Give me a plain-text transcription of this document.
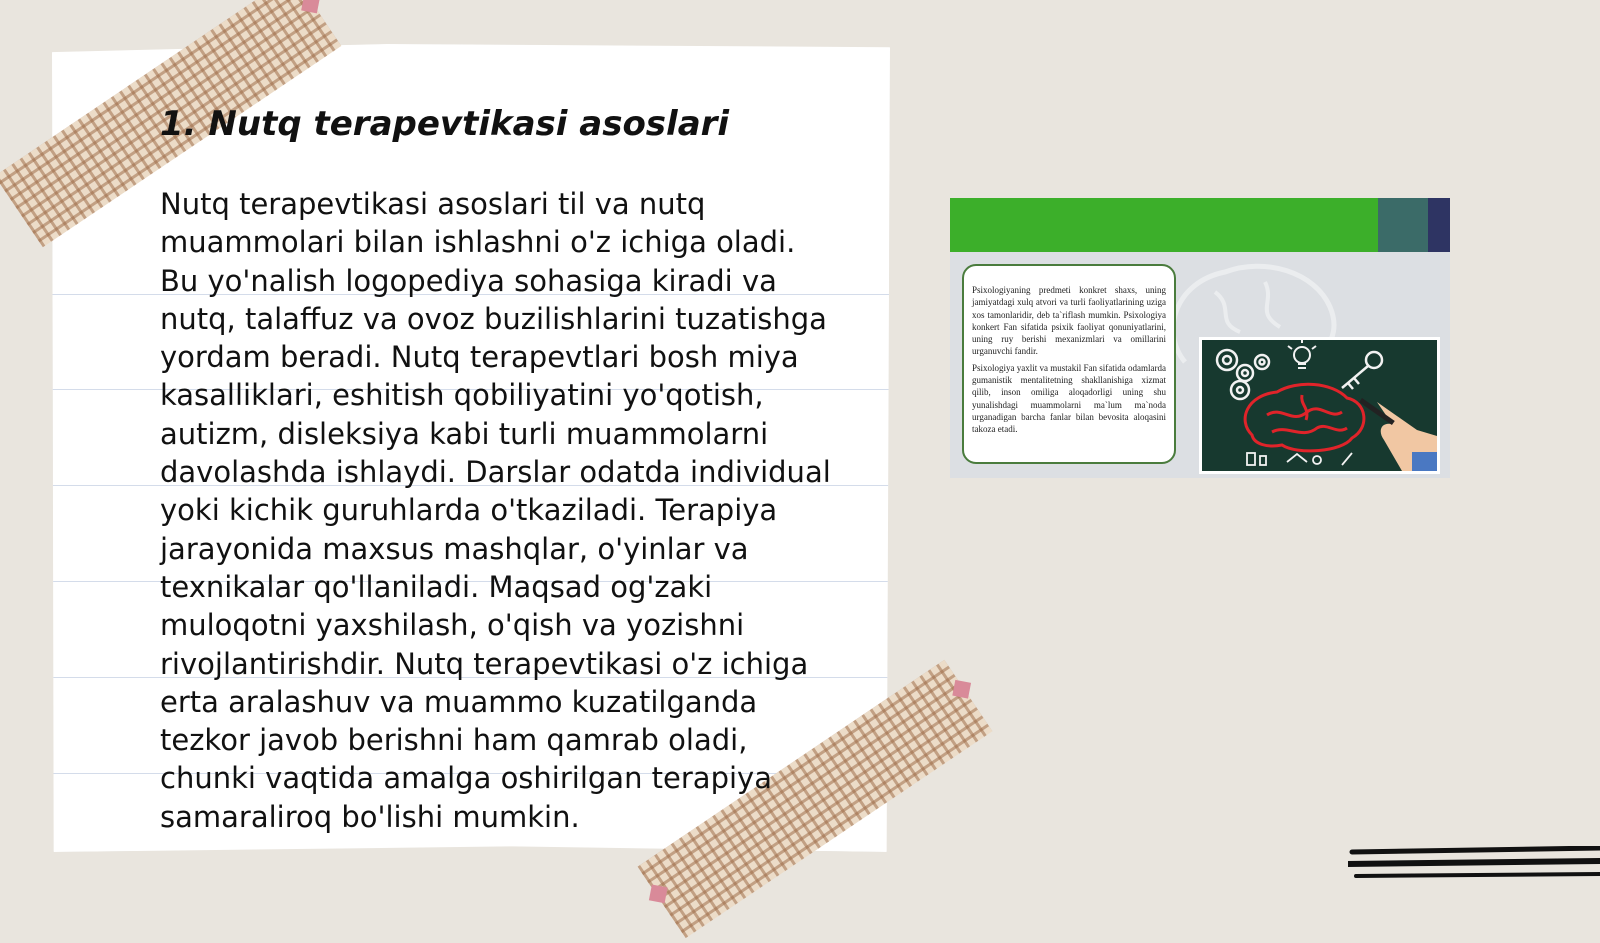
1. Nutq terapevtikasi asoslari

Nutq terapevtikasi asoslari til va nutq muammolari bilan ishlashni o'z ichiga oladi. Bu yo'nalish logopediya sohasiga kiradi va nutq, talaffuz va ovoz buzilishlarini tuzatishga yordam beradi. Nutq terapevtlari bosh miya kasalliklari, eshitish qobiliyatini yo'qotish, autizm, disleksiya kabi turli muammolarni davolashda ishlaydi. Darslar odatda individual yoki kichik guruhlarda o'tkaziladi. Terapiya jarayonida maxsus mashqlar, o'yinlar va texnikalar qo'llaniladi. Maqsad og'zaki muloqotni yaxshilash, o'qish va yozishni rivojlantirishdir. Nutq terapevtikasi o'z ichiga erta aralashuv va muammo kuzatilganda tezkor javob berishni ham qamrab oladi, chunki vaqtida amalga oshirilgan terapiya samaraliroq bo'lishi mumkin.

Psixologiyaning predmeti konkret shaxs, uning jamiyatdagi xulq atvori va turli faoliyatlarining uziga xos tamonlaridir, deb ta`riflash mumkin. Psixologiya konkert Fan sifatida psixik faoliyat qonuniyatlarini, uning ruy berishi mexanizmlari va omillarini urganuvchi fandir.

Psixologiya yaxlit va mustakil Fan sifatida odamlarda gumanistik mentalitetning shakllanishiga xizmat qilib, inson omiliga aloqadorligi uning shu yunalishdagi muammolarni ma`lum ma`noda urganadigan barcha fanlar bilan bevosita aloqasini takoza etadi.
